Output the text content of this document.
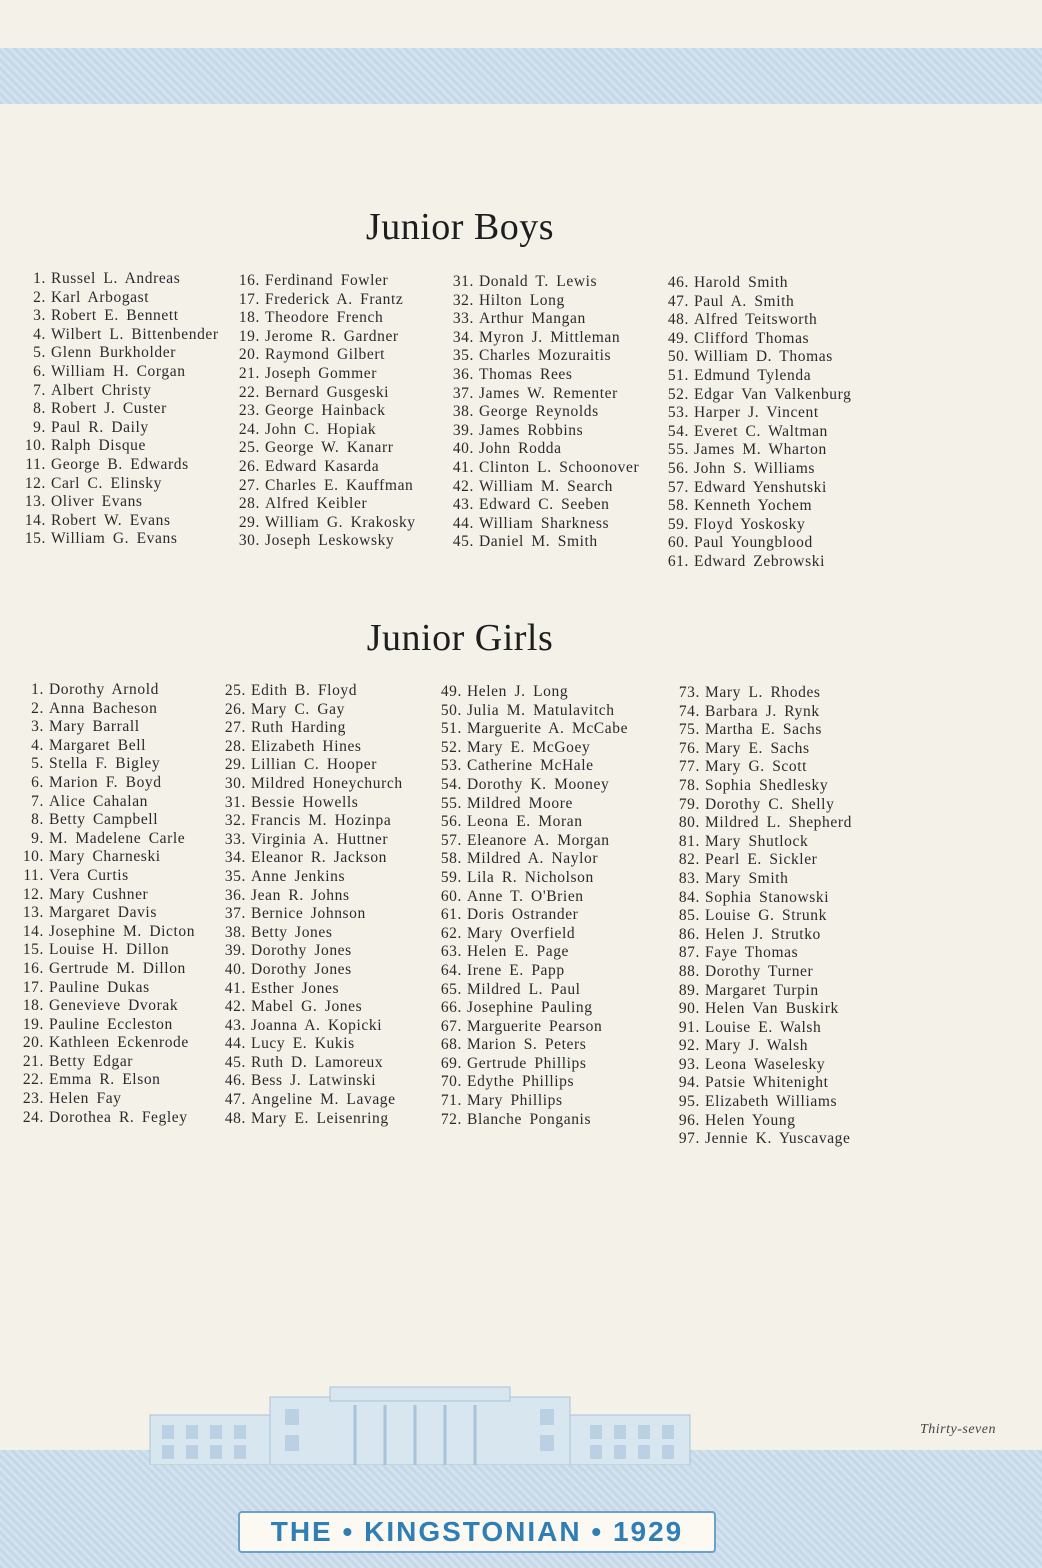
Junior Boys
1. Russel L. Andreas
2. Karl Arbogast
3. Robert E. Bennett
4. Wilbert L. Bittenbender
5. Glenn Burkholder
6. William H. Corgan
7. Albert Christy
8. Robert J. Custer
9. Paul R. Daily
10. Ralph Disque
11. George B. Edwards
12. Carl C. Elinsky
13. Oliver Evans
14. Robert W. Evans
15. William G. Evans
16. Ferdinand Fowler
17. Frederick A. Frantz
18. Theodore French
19. Jerome R. Gardner
20. Raymond Gilbert
21. Joseph Gommer
22. Bernard Gusgeski
23. George Hainback
24. John C. Hopiak
25. George W. Kanarr
26. Edward Kasarda
27. Charles E. Kauffman
28. Alfred Keibler
29. William G. Krakosky
30. Joseph Leskowsky
31. Donald T. Lewis
32. Hilton Long
33. Arthur Mangan
34. Myron J. Mittleman
35. Charles Mozuraitis
36. Thomas Rees
37. James W. Rementer
38. George Reynolds
39. James Robbins
40. John Rodda
41. Clinton L. Schoonover
42. William M. Search
43. Edward C. Seeben
44. William Sharkness
45. Daniel M. Smith
46. Harold Smith
47. Paul A. Smith
48. Alfred Teitsworth
49. Clifford Thomas
50. William D. Thomas
51. Edmund Tylenda
52. Edgar Van Valkenburg
53. Harper J. Vincent
54. Everet C. Waltman
55. James M. Wharton
56. John S. Williams
57. Edward Yenshutski
58. Kenneth Yochem
59. Floyd Yoskosky
60. Paul Youngblood
61. Edward Zebrowski
Junior Girls
1. Dorothy Arnold
2. Anna Bacheson
3. Mary Barrall
4. Margaret Bell
5. Stella F. Bigley
6. Marion F. Boyd
7. Alice Cahalan
8. Betty Campbell
9. M. Madelene Carle
10. Mary Charneski
11. Vera Curtis
12. Mary Cushner
13. Margaret Davis
14. Josephine M. Dicton
15. Louise H. Dillon
16. Gertrude M. Dillon
17. Pauline Dukas
18. Genevieve Dvorak
19. Pauline Eccleston
20. Kathleen Eckenrode
21. Betty Edgar
22. Emma R. Elson
23. Helen Fay
24. Dorothea R. Fegley
25. Edith B. Floyd
26. Mary C. Gay
27. Ruth Harding
28. Elizabeth Hines
29. Lillian C. Hooper
30. Mildred Honeychurch
31. Bessie Howells
32. Francis M. Hozinpa
33. Virginia A. Huttner
34. Eleanor R. Jackson
35. Anne Jenkins
36. Jean R. Johns
37. Bernice Johnson
38. Betty Jones
39. Dorothy Jones
40. Dorothy Jones
41. Esther Jones
42. Mabel G. Jones
43. Joanna A. Kopicki
44. Lucy E. Kukis
45. Ruth D. Lamoreux
46. Bess J. Latwinski
47. Angeline M. Lavage
48. Mary E. Leisenring
49. Helen J. Long
50. Julia M. Matulavitch
51. Marguerite A. McCabe
52. Mary E. McGoey
53. Catherine McHale
54. Dorothy K. Mooney
55. Mildred Moore
56. Leona E. Moran
57. Eleanore A. Morgan
58. Mildred A. Naylor
59. Lila R. Nicholson
60. Anne T. O'Brien
61. Doris Ostrander
62. Mary Overfield
63. Helen E. Page
64. Irene E. Papp
65. Mildred L. Paul
66. Josephine Pauling
67. Marguerite Pearson
68. Marion S. Peters
69. Gertrude Phillips
70. Edythe Phillips
71. Mary Phillips
72. Blanche Ponganis
73. Mary L. Rhodes
74. Barbara J. Rynk
75. Martha E. Sachs
76. Mary E. Sachs
77. Mary G. Scott
78. Sophia Shedlesky
79. Dorothy C. Shelly
80. Mildred L. Shepherd
81. Mary Shutlock
82. Pearl E. Sickler
83. Mary Smith
84. Sophia Stanowski
85. Louise G. Strunk
86. Helen J. Strutko
87. Faye Thomas
88. Dorothy Turner
89. Margaret Turpin
90. Helen Van Buskirk
91. Louise E. Walsh
92. Mary J. Walsh
93. Leona Waselesky
94. Patsie Whitenight
95. Elizabeth Williams
96. Helen Young
97. Jennie K. Yuscavage
Thirty-seven
THE • KINGSTONIAN • 1929
